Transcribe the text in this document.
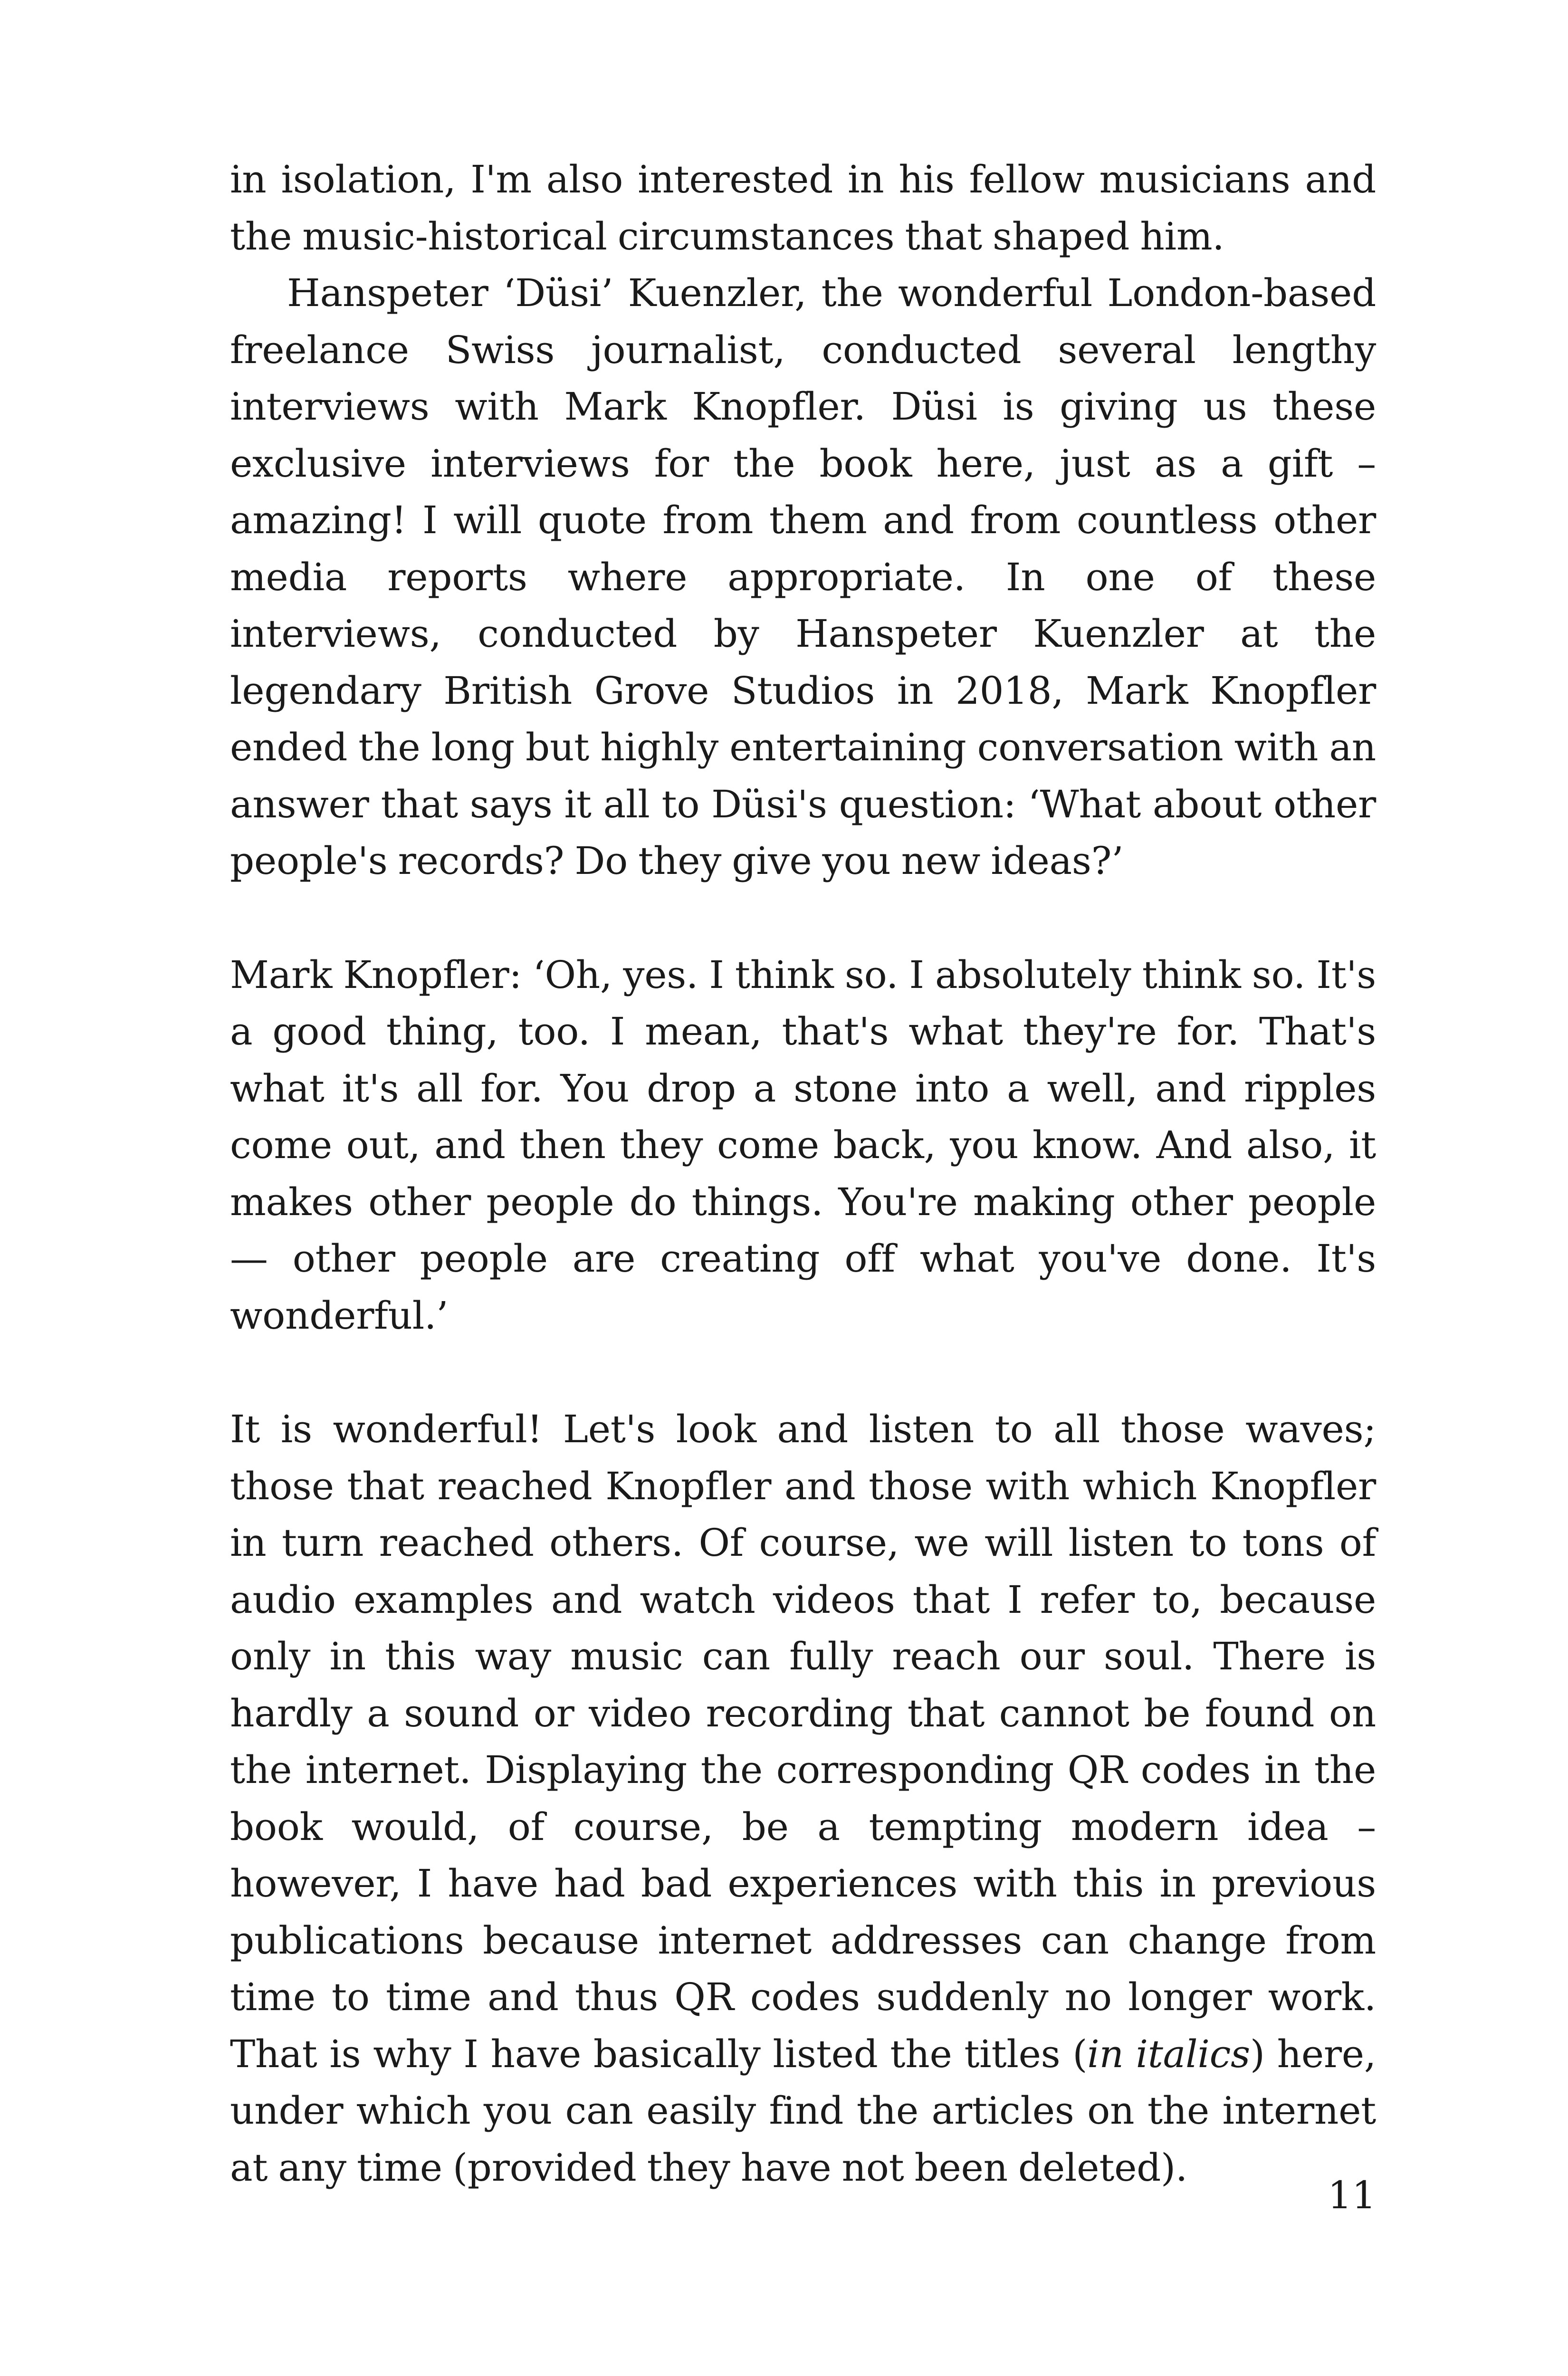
in isolation, I'm also interested in his fellow musicians and the music-historical circumstances that shaped him.

Hanspeter ‘Düsi’ Kuenzler, the wonderful London-based freelance Swiss journalist, conducted several lengthy interviews with Mark Knopfler. Düsi is giving us these exclusive interviews for the book here, just as a gift – amazing! I will quote from them and from countless other media reports where appropriate. In one of these interviews, conducted by Hanspeter Kuenzler at the legendary British Grove Studios in 2018, Mark Knopfler ended the long but highly entertaining conversation with an answer that says it all to Düsi's question: ‘What about other people's records? Do they give you new ideas?’

Mark Knopfler: ‘Oh, yes. I think so. I absolutely think so. It's a good thing, too. I mean, that's what they're for. That's what it's all for. You drop a stone into a well, and ripples come out, and then they come back, you know. And also, it makes other people do things. You're making other people — other people are creating off what you've done. It's wonderful.’

It is wonderful! Let's look and listen to all those waves; those that reached Knopfler and those with which Knopfler in turn reached others. Of course, we will listen to tons of audio examples and watch videos that I refer to, because only in this way music can fully reach our soul. There is hardly a sound or video recording that cannot be found on the internet. Displaying the corresponding QR codes in the book would, of course, be a tempting modern idea – however, I have had bad experiences with this in previous publications because internet addresses can change from time to time and thus QR codes suddenly no longer work. That is why I have basically listed the titles (in italics) here, under which you can easily find the articles on the internet at any time (provided they have not been deleted).

11
